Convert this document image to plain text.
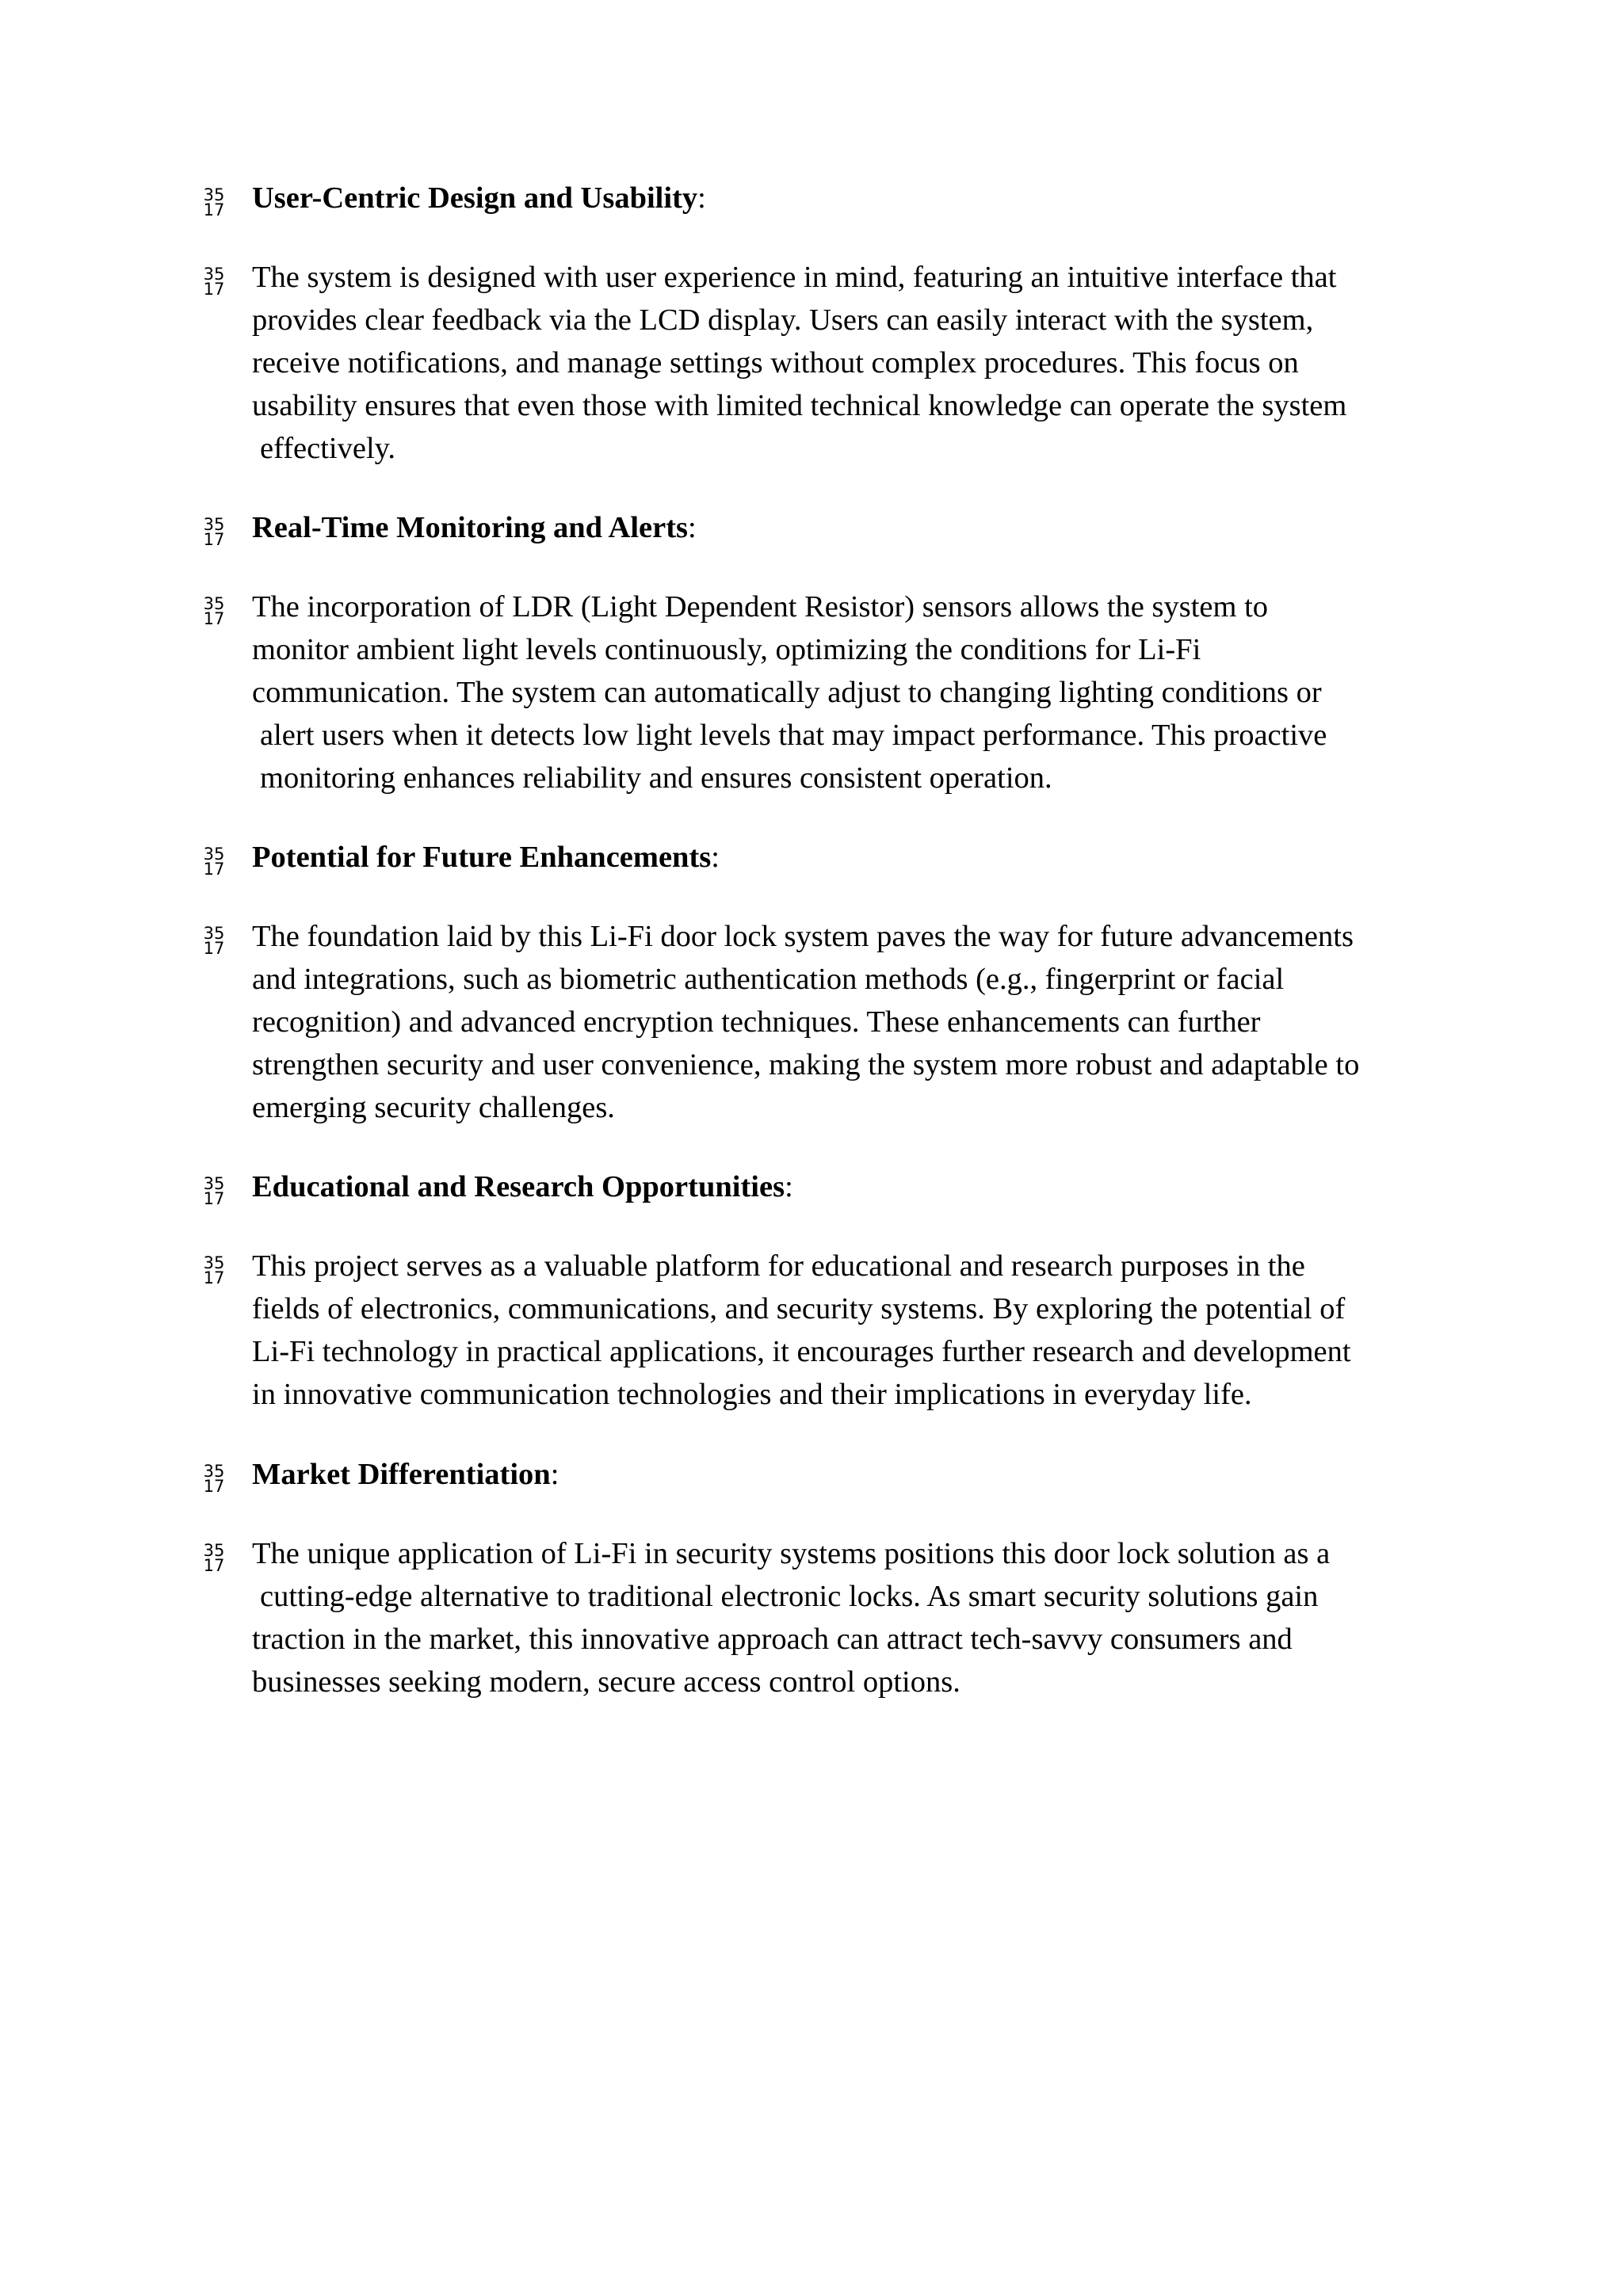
35
17 User-Centric Design and Usability:
35
17 The system is designed with user experience in mind, featuring an intuitive interface that
provides clear feedback via the LCD display. Users can easily interact with the system,
receive notifications, and manage settings without complex procedures. This focus on
usability ensures that even those with limited technical knowledge can operate the system
effectively.
35
17 Real-Time Monitoring and Alerts:
35
17 The incorporation of LDR (Light Dependent Resistor) sensors allows the system to
monitor ambient light levels continuously, optimizing the conditions for Li-Fi
communication. The system can automatically adjust to changing lighting conditions or
alert users when it detects low light levels that may impact performance. This proactive
monitoring enhances reliability and ensures consistent operation.
35
17 Potential for Future Enhancements:
35
17 The foundation laid by this Li-Fi door lock system paves the way for future advancements
and integrations, such as biometric authentication methods (e.g., fingerprint or facial
recognition) and advanced encryption techniques. These enhancements can further
strengthen security and user convenience, making the system more robust and adaptable to
emerging security challenges.
35
17 Educational and Research Opportunities:
35
17 This project serves as a valuable platform for educational and research purposes in the
fields of electronics, communications, and security systems. By exploring the potential of
Li-Fi technology in practical applications, it encourages further research and development
in innovative communication technologies and their implications in everyday life.
35
17 Market Differentiation:
35
17 The unique application of Li-Fi in security systems positions this door lock solution as a
cutting-edge alternative to traditional electronic locks. As smart security solutions gain
traction in the market, this innovative approach can attract tech-savvy consumers and
businesses seeking modern, secure access control options.
